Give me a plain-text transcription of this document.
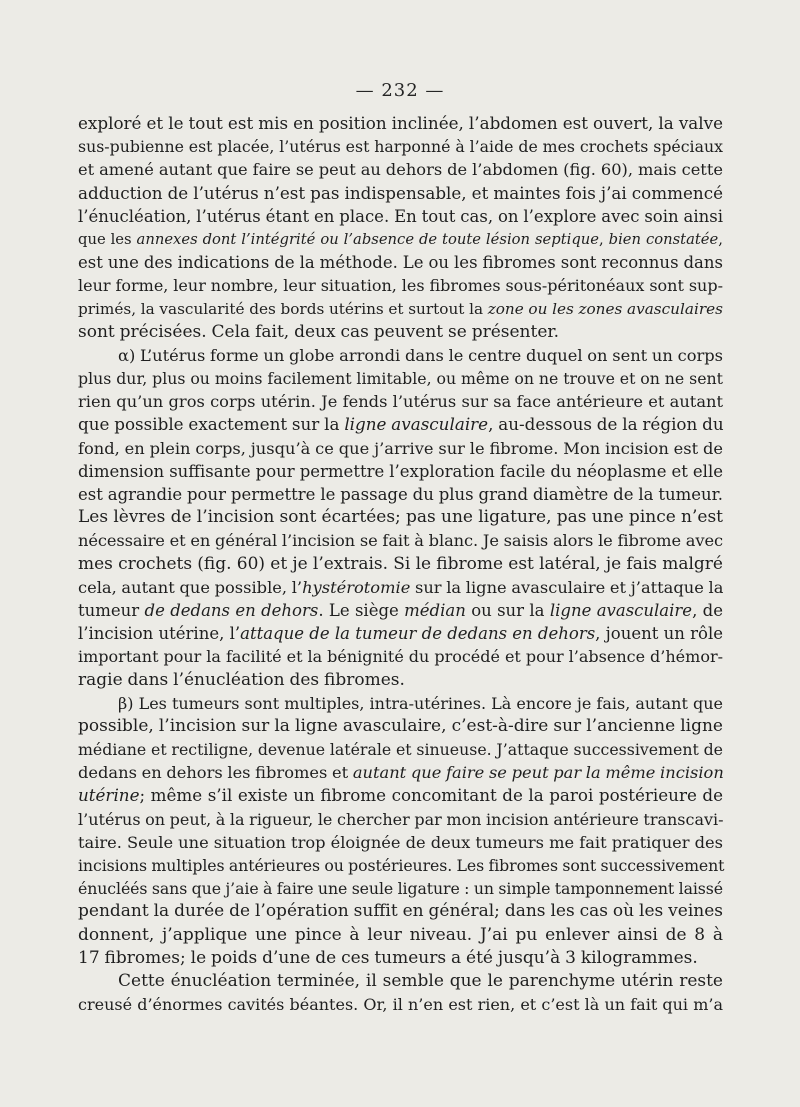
— 232 —
exploré et le tout est mis en position inclinée, l’abdomen est ouvert, la valve
sus-pubienne est placée, l’utérus est harponné à l’aide de mes crochets spéciaux
et amené autant que faire se peut au dehors de l’abdomen (fig. 60), mais cette
adduction de l’utérus n’est pas indispensable, et maintes fois j’ai commencé
l’énucléation, l’utérus étant en place. En tout cas, on l’explore avec soin ainsi
que les annexes dont l’intégrité ou l’absence de toute lésion septique, bien constatée,
est une des indications de la méthode. Le ou les fibromes sont reconnus dans
leur forme, leur nombre, leur situation, les fibromes sous-péritonéaux sont sup-
primés, la vascularité des bords utérins et surtout la zone ou les zones avasculaires
sont précisées. Cela fait, deux cas peuvent se présenter.
α) L’utérus forme un globe arrondi dans le centre duquel on sent un corps
plus dur, plus ou moins facilement limitable, ou même on ne trouve et on ne sent
rien qu’un gros corps utérin. Je fends l’utérus sur sa face antérieure et autant
que possible exactement sur la ligne avasculaire, au-dessous de la région du
fond, en plein corps, jusqu’à ce que j’arrive sur le fibrome. Mon incision est de
dimension suffisante pour permettre l’exploration facile du néoplasme et elle
est agrandie pour permettre le passage du plus grand diamètre de la tumeur.
Les lèvres de l’incision sont écartées; pas une ligature, pas une pince n’est
nécessaire et en général l’incision se fait à blanc. Je saisis alors le fibrome avec
mes crochets (fig. 60) et je l’extrais. Si le fibrome est latéral, je fais malgré
cela, autant que possible, l’hystérotomie sur la ligne avasculaire et j’attaque la
tumeur de dedans en dehors. Le siège médian ou sur la ligne avasculaire, de
l’incision utérine, l’attaque de la tumeur de dedans en dehors, jouent un rôle
important pour la facilité et la bénignité du procédé et pour l’absence d’hémor-
ragie dans l’énucléation des fibromes.
β) Les tumeurs sont multiples, intra-utérines. Là encore je fais, autant que
possible, l’incision sur la ligne avasculaire, c’est-à-dire sur l’ancienne ligne
médiane et rectiligne, devenue latérale et sinueuse. J’attaque successivement de
dedans en dehors les fibromes et autant que faire se peut par la même incision
utérine; même s’il existe un fibrome concomitant de la paroi postérieure de
l’utérus on peut, à la rigueur, le chercher par mon incision antérieure transcavi-
taire. Seule une situation trop éloignée de deux tumeurs me fait pratiquer des
incisions multiples antérieures ou postérieures. Les fibromes sont successivement
énucléés sans que j’aie à faire une seule ligature : un simple tamponnement laissé
pendant la durée de l’opération suffit en général; dans les cas où les veines
donnent, j’applique une pince à leur niveau. J’ai pu enlever ainsi de 8 à
17 fibromes; le poids d’une de ces tumeurs a été jusqu’à 3 kilogrammes.
Cette énucléation terminée, il semble que le parenchyme utérin reste
creusé d’énormes cavités béantes. Or, il n’en est rien, et c’est là un fait qui m’a
